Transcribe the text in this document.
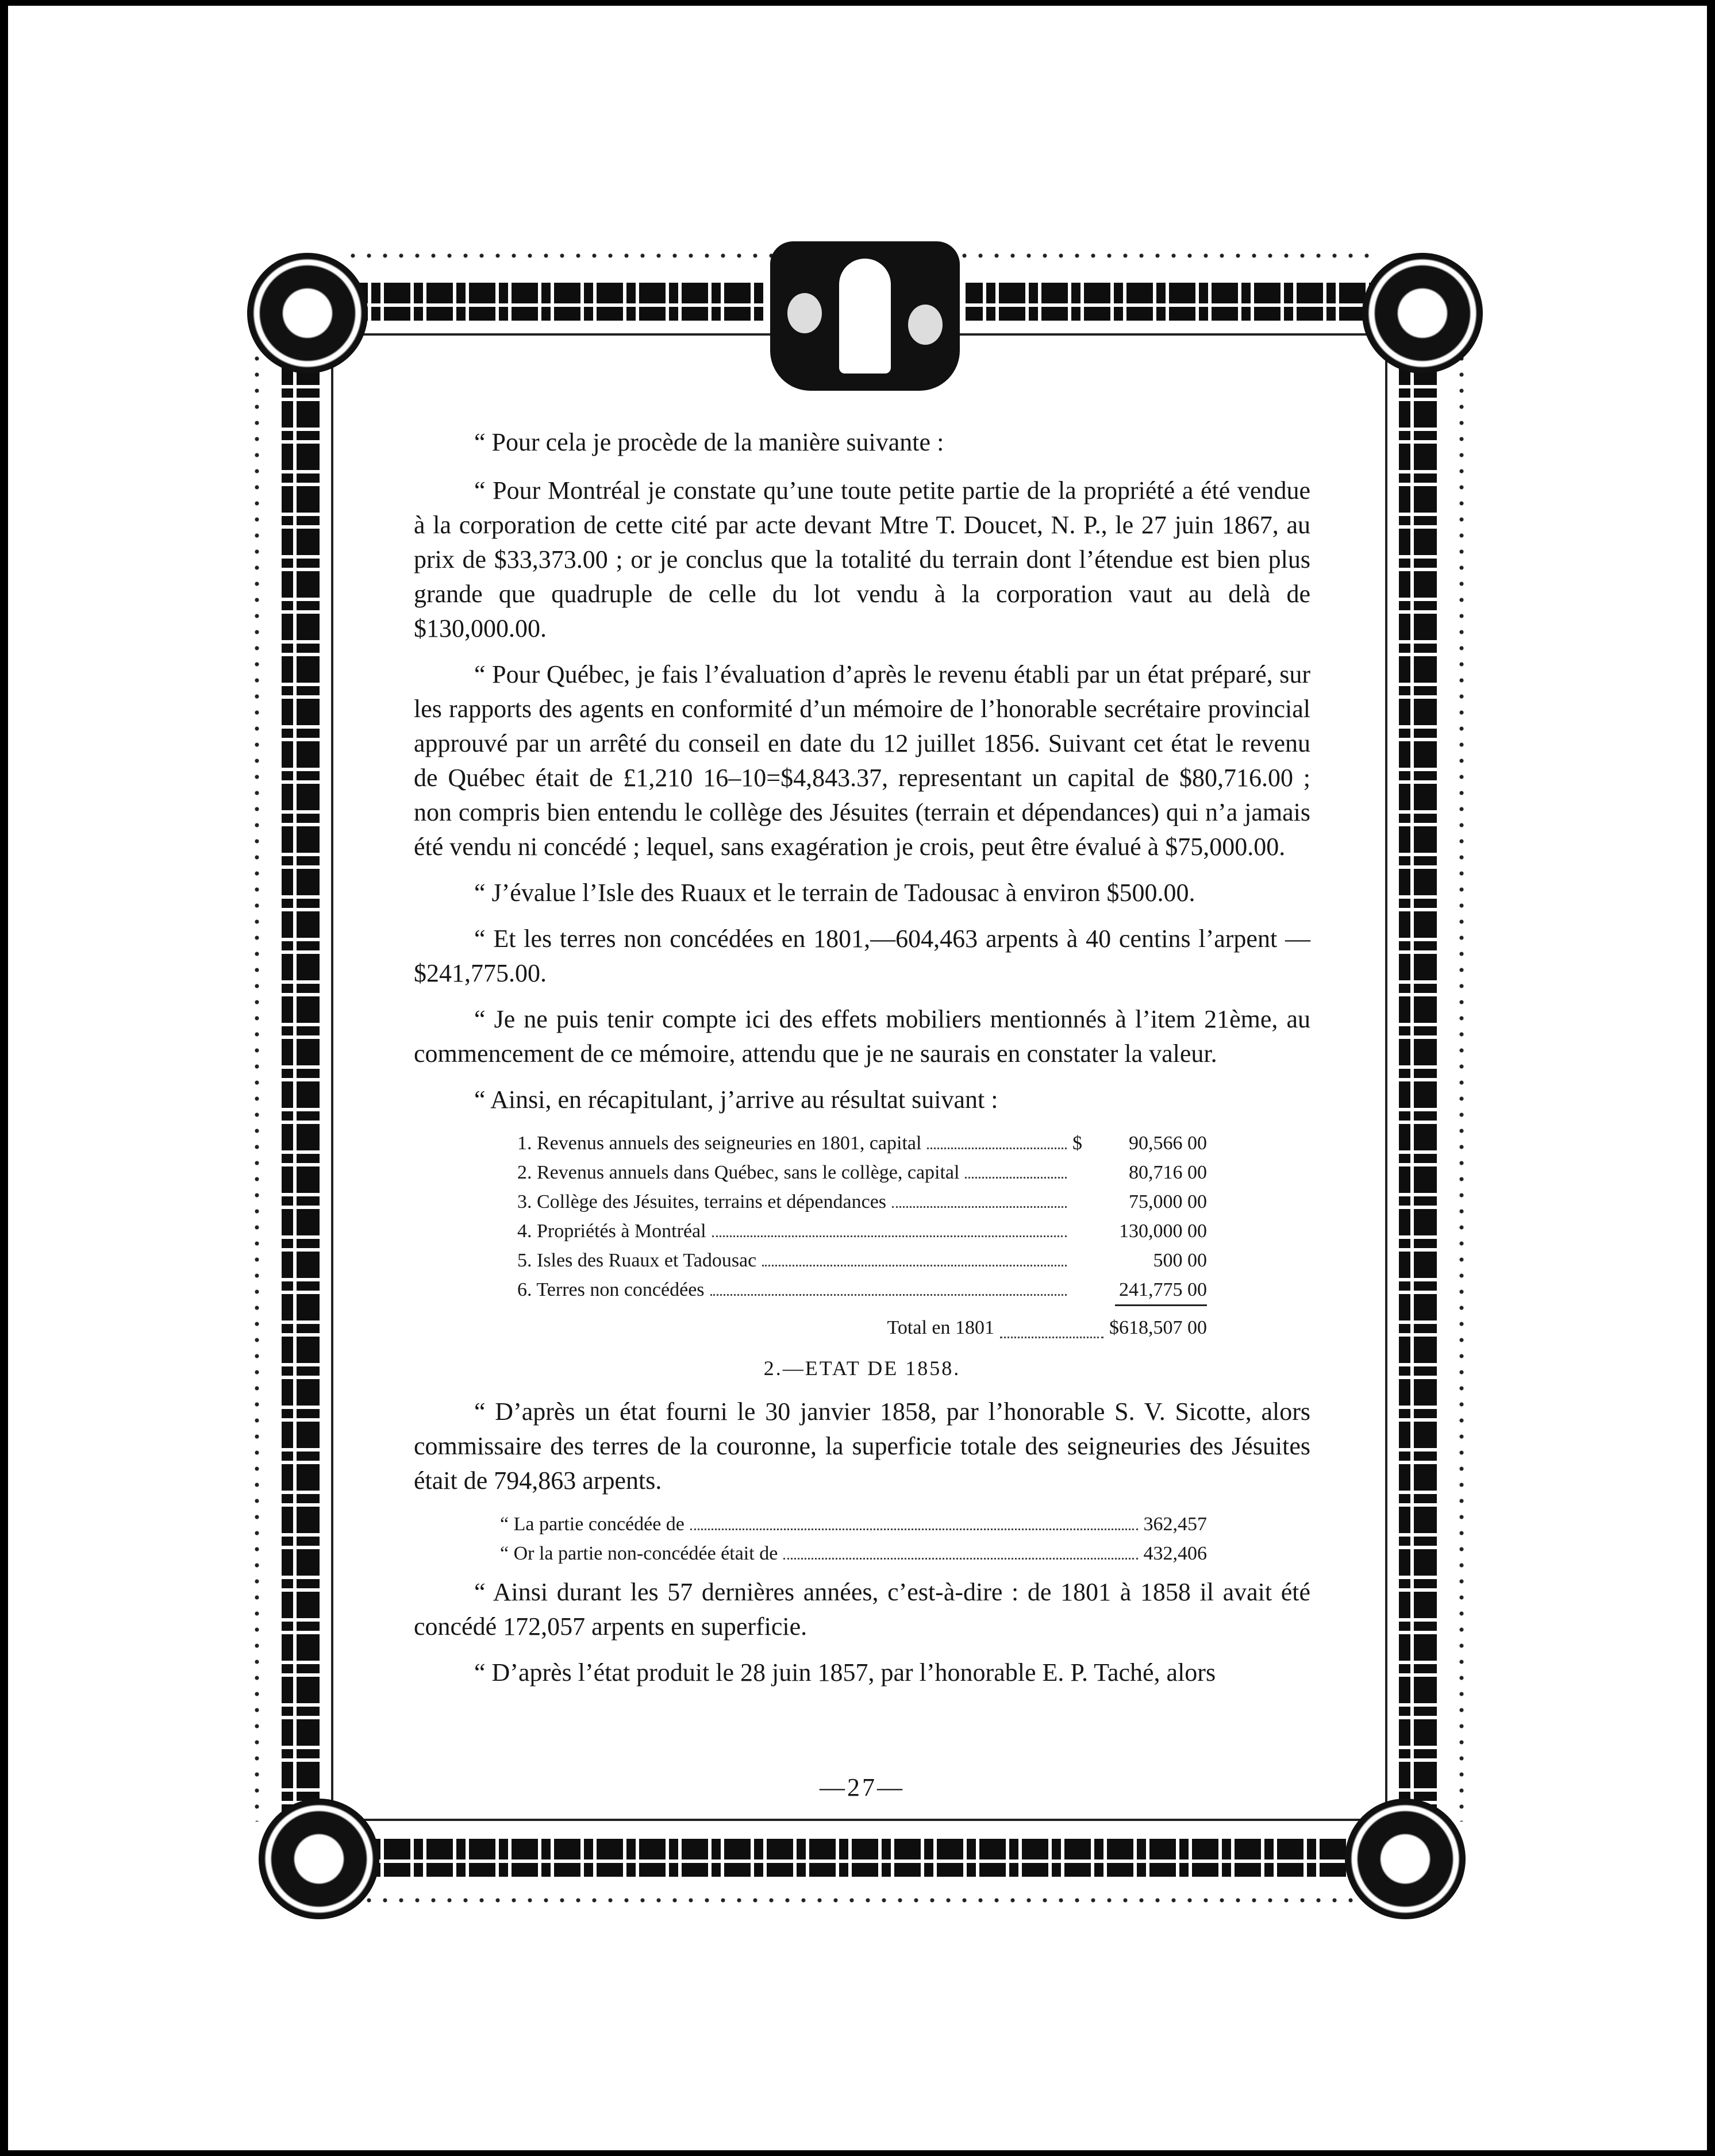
“ Pour cela je procède de la manière suivante :

“ Pour Montréal je constate qu’une toute petite partie de la propriété a été vendue à la corporation de cette cité par acte devant Mtre T. Doucet, N. P., le 27 juin 1867, au prix de $33,373.00 ; or je conclus que la totalité du terrain dont l’étendue est bien plus grande que quadruple de celle du lot vendu à la corporation vaut au delà de $130,000.00.

“ Pour Québec, je fais l’évaluation d’après le revenu établi par un état préparé, sur les rapports des agents en conformité d’un mémoire de l’honorable secrétaire provincial approuvé par un arrêté du conseil en date du 12 juillet 1856. Suivant cet état le revenu de Québec était de £1,210 16–10=$4,843.37, representant un capital de $80,716.00 ; non compris bien entendu le collège des Jésuites (terrain et dépendances) qui n’a jamais été vendu ni concédé ; lequel, sans exagération je crois, peut être évalué à $75,000.00.

“ J’évalue l’Isle des Ruaux et le terrain de Tadousac à environ $500.00.

“ Et les terres non concédées en 1801,—604,463 arpents à 40 centins l’arpent —$241,775.00.

“ Je ne puis tenir compte ici des effets mobiliers mentionnés à l’item 21ème, au commencement de ce mémoire, attendu que je ne saurais en constater la valeur.

“ Ainsi, en récapitulant, j’arrive au résultat suivant :

1. Revenus annuels des seigneuries en 1801, capital	$	90,566 00
2. Revenus annuels dans Québec, sans le collège, capital	80,716 00
3. Collège des Jésuites, terrains et dépendances	75,000 00
4. Propriétés à Montréal	130,000 00
5. Isles des Ruaux et Tadousac	500 00
6. Terres non concédées	241,775 00
Total en 1801	$618,507 00
2.—ETAT DE 1858.

“ D’après un état fourni le 30 janvier 1858, par l’honorable S. V. Sicotte, alors commissaire des terres de la couronne, la superficie totale des seigneuries des Jésuites était de 794,863 arpents.

“ La partie concédée de	362,457
“ Or la partie non-concédée était de	432,406

“ Ainsi durant les 57 dernières années, c’est-à-dire : de 1801 à 1858 il avait été concédé 172,057 arpents en superficie.

“ D’après l’état produit le 28 juin 1857, par l’honorable E. P. Taché, alors

—27—
